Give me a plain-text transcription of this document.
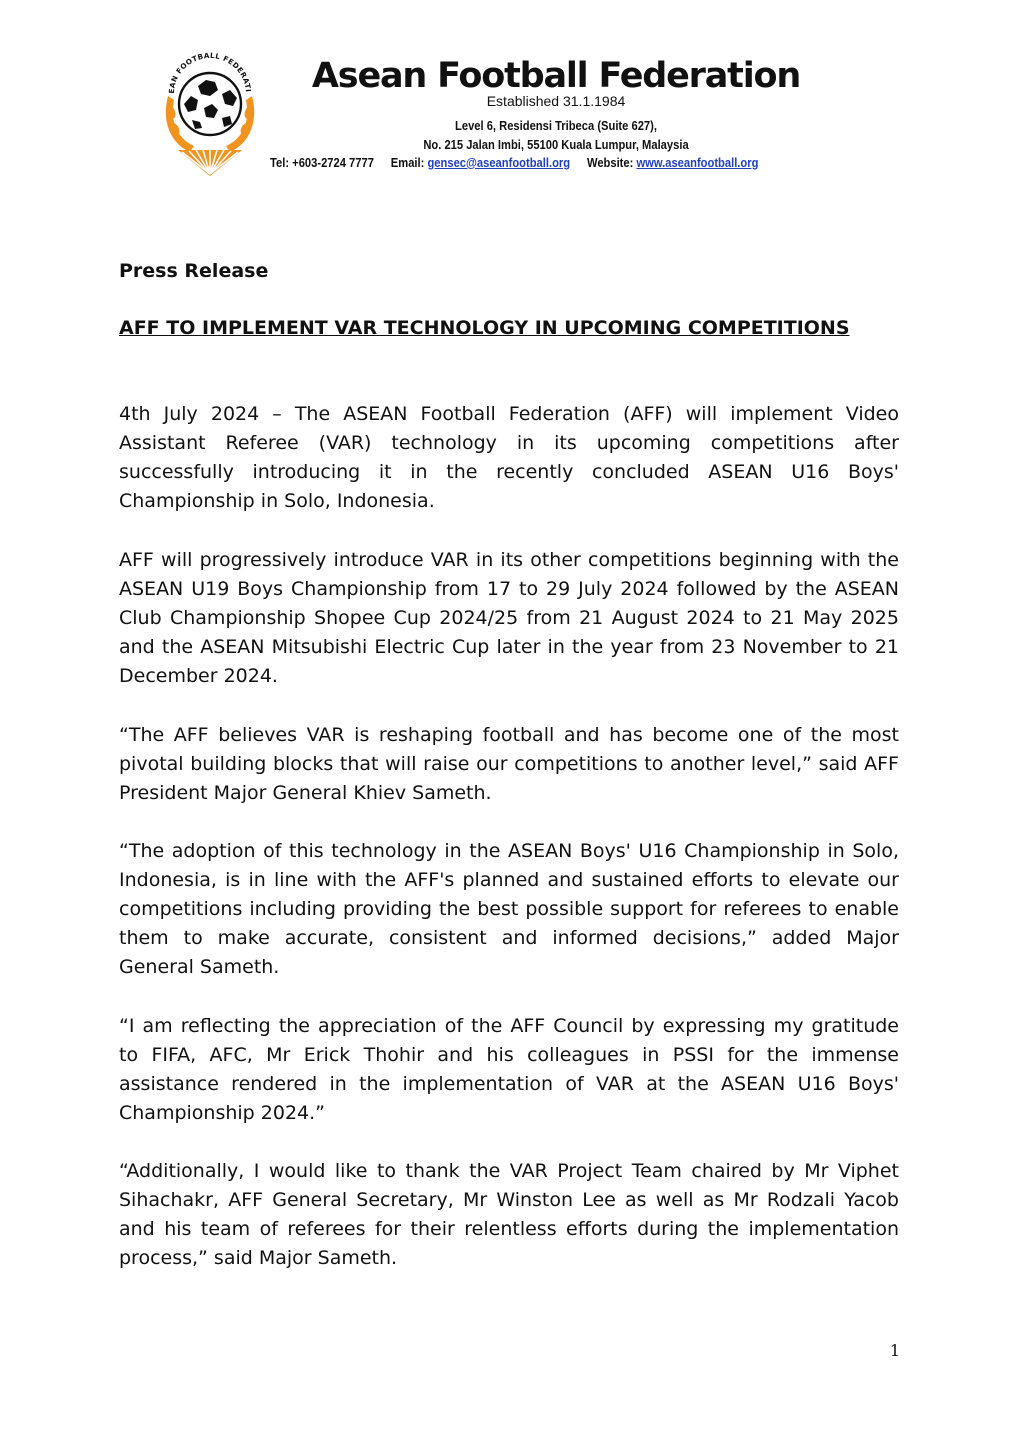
EAN FOOTBALL FEDERATI	Asean Football Federation
Established 31.1.1984
Level 6, Residensi Tribeca (Suite 627),
No. 215 Jalan Imbi, 55100 Kuala Lumpur, Malaysia
Tel: +603-2724 7777 Email: gensec@aseanfootball.org Website: www.aseanfootball.org
Press Release
AFF TO IMPLEMENT VAR TECHNOLOGY IN UPCOMING COMPETITIONS
4th July 2024 – The ASEAN Football Federation (AFF) will implement Video Assistant Referee (VAR) technology in its upcoming competitions after successfully introducing it in the recently concluded ASEAN U16 Boys' Championship in Solo, Indonesia.
AFF will progressively introduce VAR in its other competitions beginning with the ASEAN U19 Boys Championship from 17 to 29 July 2024 followed by the ASEAN Club Championship Shopee Cup 2024/25 from 21 August 2024 to 21 May 2025 and the ASEAN Mitsubishi Electric Cup later in the year from 23 November to 21 December 2024.
“The AFF believes VAR is reshaping football and has become one of the most pivotal building blocks that will raise our competitions to another level,” said AFF President Major General Khiev Sameth.
“The adoption of this technology in the ASEAN Boys' U16 Championship in Solo, Indonesia, is in line with the AFF's planned and sustained efforts to elevate our competitions including providing the best possible support for referees to enable them to make accurate, consistent and informed decisions,” added Major General Sameth.
“I am reflecting the appreciation of the AFF Council by expressing my gratitude to FIFA, AFC, Mr Erick Thohir and his colleagues in PSSI for the immense assistance rendered in the implementation of VAR at the ASEAN U16 Boys' Championship 2024.”
“Additionally, I would like to thank the VAR Project Team chaired by Mr Viphet Sihachakr, AFF General Secretary, Mr Winston Lee as well as Mr Rodzali Yacob and his team of referees for their relentless efforts during the implementation process,” said Major Sameth.
1
